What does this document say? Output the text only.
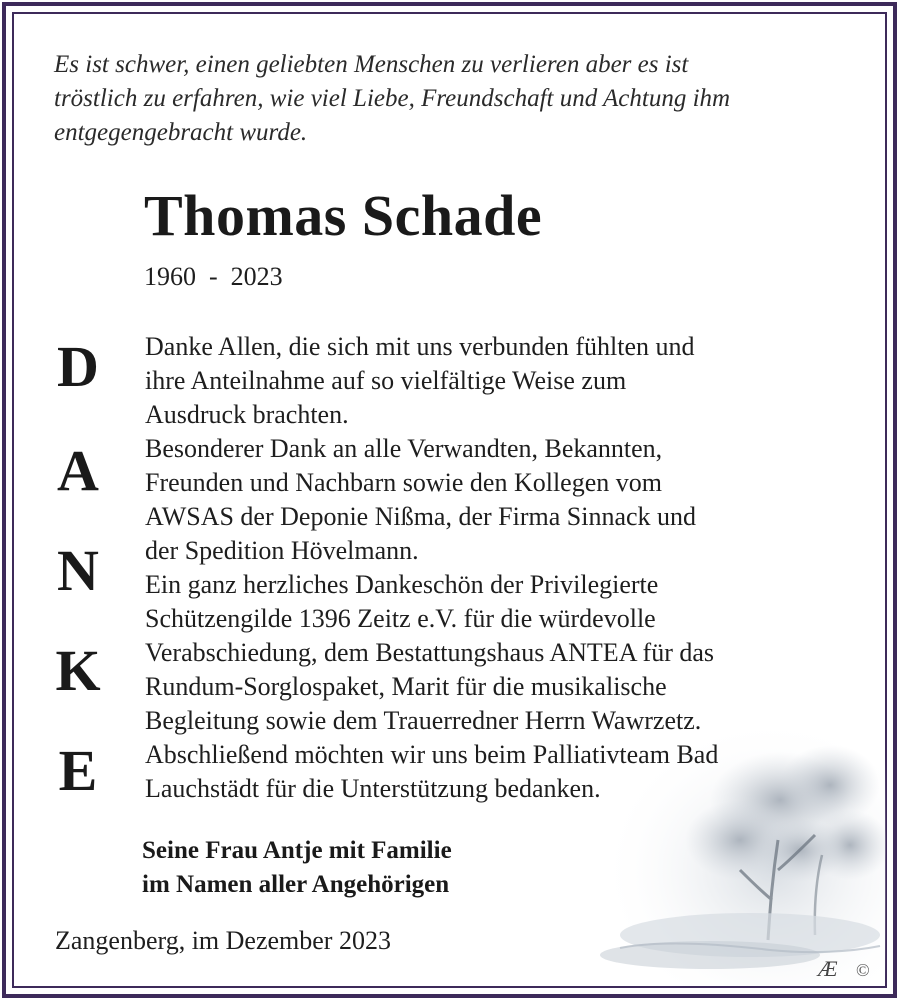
Es ist schwer, einen geliebten Menschen zu verlieren aber es ist
tröstlich zu erfahren, wie viel Liebe, Freundschaft und Achtung ihm
entgegengebracht wurde.

Thomas Schade
1960  -  2023
D
A
N
K
E
Danke Allen, die sich mit uns verbunden fühlten und
ihre Anteilnahme auf so vielfältige Weise zum
Ausdruck brachten.
Besonderer Dank an alle Verwandten, Bekannten,
Freunden und Nachbarn sowie den Kollegen vom
AWSAS der Deponie Nißma, der Firma Sinnack und
der Spedition Hövelmann.
Ein ganz herzliches Dankeschön der Privilegierte
Schützengilde 1396 Zeitz e.V. für die würdevolle
Verabschiedung, dem Bestattungshaus ANTEA für das
Rundum-Sorglospaket, Marit für die musikalische
Begleitung sowie dem Trauerredner Herrn Wawrzetz.
Abschließend möchten wir uns beim Palliativteam Bad
Lauchstädt für die Unterstützung bedanken.
Seine Frau Antje mit Familie
im Namen aller Angehörigen
Zangenberg, im Dezember 2023
Æ ©
